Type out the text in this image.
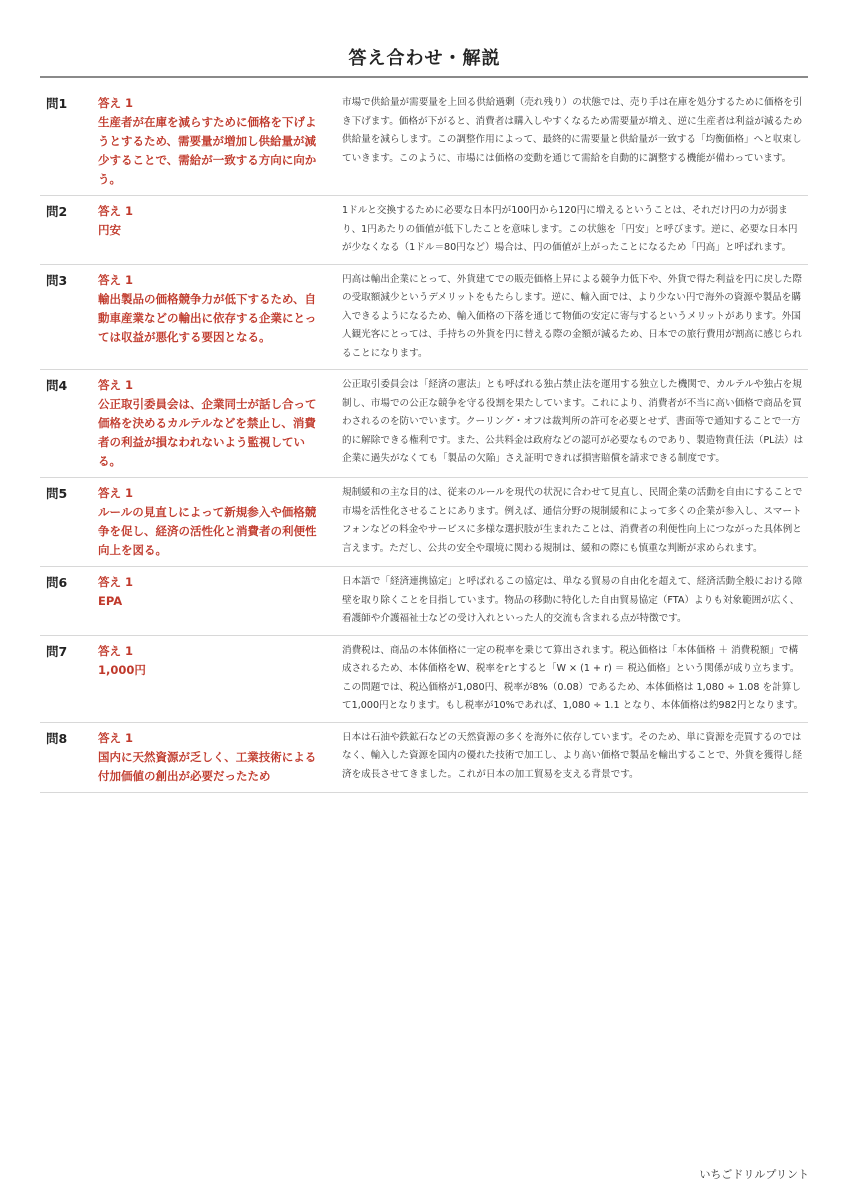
答え合わせ・解説
問1	答え 1
生産者が在庫を減らすために価格を下げようとするため、需要量が増加し供給量が減少することで、需給が一致する方向に向かう。
市場で供給量が需要量を上回る供給過剰（売れ残り）の状態では、売り手は在庫を処分するために価格を引き下げます。価格が下がると、消費者は購入しやすくなるため需要量が増え、逆に生産者は利益が減るため供給量を減らします。この調整作用によって、最終的に需要量と供給量が一致する「均衡価格」へと収束していきます。このように、市場には価格の変動を通じて需給を自動的に調整する機能が備わっています。
問2	答え 1
円安
1ドルと交換するために必要な日本円が100円から120円に増えるということは、それだけ円の力が弱まり、1円あたりの価値が低下したことを意味します。この状態を「円安」と呼びます。逆に、必要な日本円が少なくなる（1ドル＝80円など）場合は、円の価値が上がったことになるため「円高」と呼ばれます。
問3	答え 1
輸出製品の価格競争力が低下するため、自動車産業などの輸出に依存する企業にとっては収益が悪化する要因となる。
円高は輸出企業にとって、外貨建てでの販売価格上昇による競争力低下や、外貨で得た利益を円に戻した際の受取額減少というデメリットをもたらします。逆に、輸入面では、より少ない円で海外の資源や製品を購入できるようになるため、輸入価格の下落を通じて物価の安定に寄与するというメリットがあります。外国人観光客にとっては、手持ちの外貨を円に替える際の金額が減るため、日本での旅行費用が割高に感じられることになります。
問4	答え 1
公正取引委員会は、企業同士が話し合って価格を決めるカルテルなどを禁止し、消費者の利益が損なわれないよう監視している。
公正取引委員会は「経済の憲法」とも呼ばれる独占禁止法を運用する独立した機関で、カルテルや独占を規制し、市場での公正な競争を守る役割を果たしています。これにより、消費者が不当に高い価格で商品を買わされるのを防いでいます。クーリング・オフは裁判所の許可を必要とせず、書面等で通知することで一方的に解除できる権利です。また、公共料金は政府などの認可が必要なものであり、製造物責任法（PL法）は企業に過失がなくても「製品の欠陥」さえ証明できれば損害賠償を請求できる制度です。
問5	答え 1
ルールの見直しによって新規参入や価格競争を促し、経済の活性化と消費者の利便性向上を図る。
規制緩和の主な目的は、従来のルールを現代の状況に合わせて見直し、民間企業の活動を自由にすることで市場を活性化させることにあります。例えば、通信分野の規制緩和によって多くの企業が参入し、スマートフォンなどの料金やサービスに多様な選択肢が生まれたことは、消費者の利便性向上につながった具体例と言えます。ただし、公共の安全や環境に関わる規制は、緩和の際にも慎重な判断が求められます。
問6	答え 1
EPA
日本語で「経済連携協定」と呼ばれるこの協定は、単なる貿易の自由化を超えて、経済活動全般における障壁を取り除くことを目指しています。物品の移動に特化した自由貿易協定（FTA）よりも対象範囲が広く、看護師や介護福祉士などの受け入れといった人的交流も含まれる点が特徴です。
問7	答え 1
1,000円
消費税は、商品の本体価格に一定の税率を乗じて算出されます。税込価格は「本体価格 ＋ 消費税額」で構成されるため、本体価格をW、税率をrとすると「W × (1 + r) ＝ 税込価格」という関係が成り立ちます。この問題では、税込価格が1,080円、税率が8%（0.08）であるため、本体価格は 1,080 ÷ 1.08 を計算して1,000円となります。もし税率が10%であれば、1,080 ÷ 1.1 となり、本体価格は約982円となります。
問8	答え 1
国内に天然資源が乏しく、工業技術による付加価値の創出が必要だったため
日本は石油や鉄鉱石などの天然資源の多くを海外に依存しています。そのため、単に資源を売買するのではなく、輸入した資源を国内の優れた技術で加工し、より高い価格で製品を輸出することで、外貨を獲得し経済を成長させてきました。これが日本の加工貿易を支える背景です。
いちごドリルプリント
